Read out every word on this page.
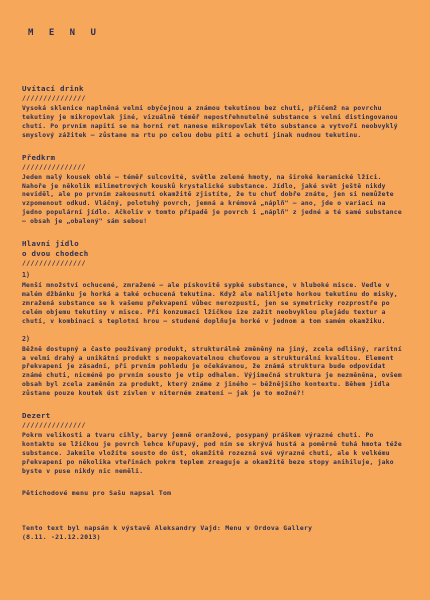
M E N U
Uvítací drink
///////////////

Vysoká sklenice naplněná velmi obyčejnou a známou tekutinou bez chuti, přičemž na povrchu tekutiny je mikropovlak jiné, vizuálně téměř nepostřehnutelné substance s velmi distingovanou chutí. Po prvním napití se na horní ret nanese mikropovlak této substance a vytvoří neobvyklý smyslový zážitek – zůstane na rtu po celou dobu pití a ochutí jinak nudnou tekutinu.

Předkrm
///////////////

Jeden malý kousek oblé – téměř sulcovité, světle zelené hmoty, na široké keramické lžíci. Nahoře je několik milimetrových kousků krystalické substance. Jídlo, jaké svět ještě nikdy neviděl, ale po prvním zakousnutí okamžitě zjistíte, že tu chuť dobře znáte, jen si nemůžete vzpomenout odkud. Vláčný, polotuhý povrch, jemná a krémová „náplň" – ano, jde o variaci na jedno populární jídlo. Ačkoliv v tomto případě je povrch i „náplň" z jedné a té samé substance – obsah je „obalený" sám sebou!

Hlavní jídlo
o dvou chodech
///////////////
1)

Menší množství ochucené, zmražené – ale pískovitě sypké substance, v hluboké misce. Vedle v malém džbánku je horká a také ochucená tekutina. Když ale naliljete horkou tekutinu do misky, zmražená substance se k vašemu překvapení vůbec nerozpustí, jen se symetricky rozprostře po celém objemu tekutiny v misce. Při konzumaci lžičkou ize zažít neobvyklou plejádu textur a chutí, v kombinaci s teplotní hrou – studené doplňuje horké v jednom a tom samém okamžiku.

2)

Běžně dostupný a často používaný produkt, strukturálně změněný na jiný, zcela odlišný, raritní a velmi drahý a unikátní produkt s neopakovatelnou chuťovou a strukturální kvalitou. Element překvapení je zásadní, při prvním pohledu je očekávanou, že známá struktura bude odpovídat známé chuti, nicméně po prvním sousto je vtip odhalen. Výjimečná struktura je nezměněna, ovšem obsah byl zcela zaměněn za produkt, který známe z jiného – běžnějšího kontextu. Během jídla zůstane pouze koutek úst zívlen v niterném zmatení – jak je to možné?!

Dezert
///////////////

Pokrm velikosti a tvaru cihly, barvy jemně oranžové, posypaný práškem výrazné chuti. Po kontaktu se lžičkou je povrch lehce křupavý, pod ním se skrývá hustá a poměrně tuhá hmota téže substance. Jakmile vložíte sousto do úst, okamžitě rozezná své výrazné chuti, ale k velkému překvapení po několika vteřinách pokrm teplem zreaguje a okamžitě beze stopy anihiluje, jako byste v puse nikdy nic neměli.

Pětichodové menu pro Sašu napsal Tom
Tento text byl napsán k výstavě Aleksandry Vajd: Menu v Ordova Gallery
(8.11. -21.12.2013)
